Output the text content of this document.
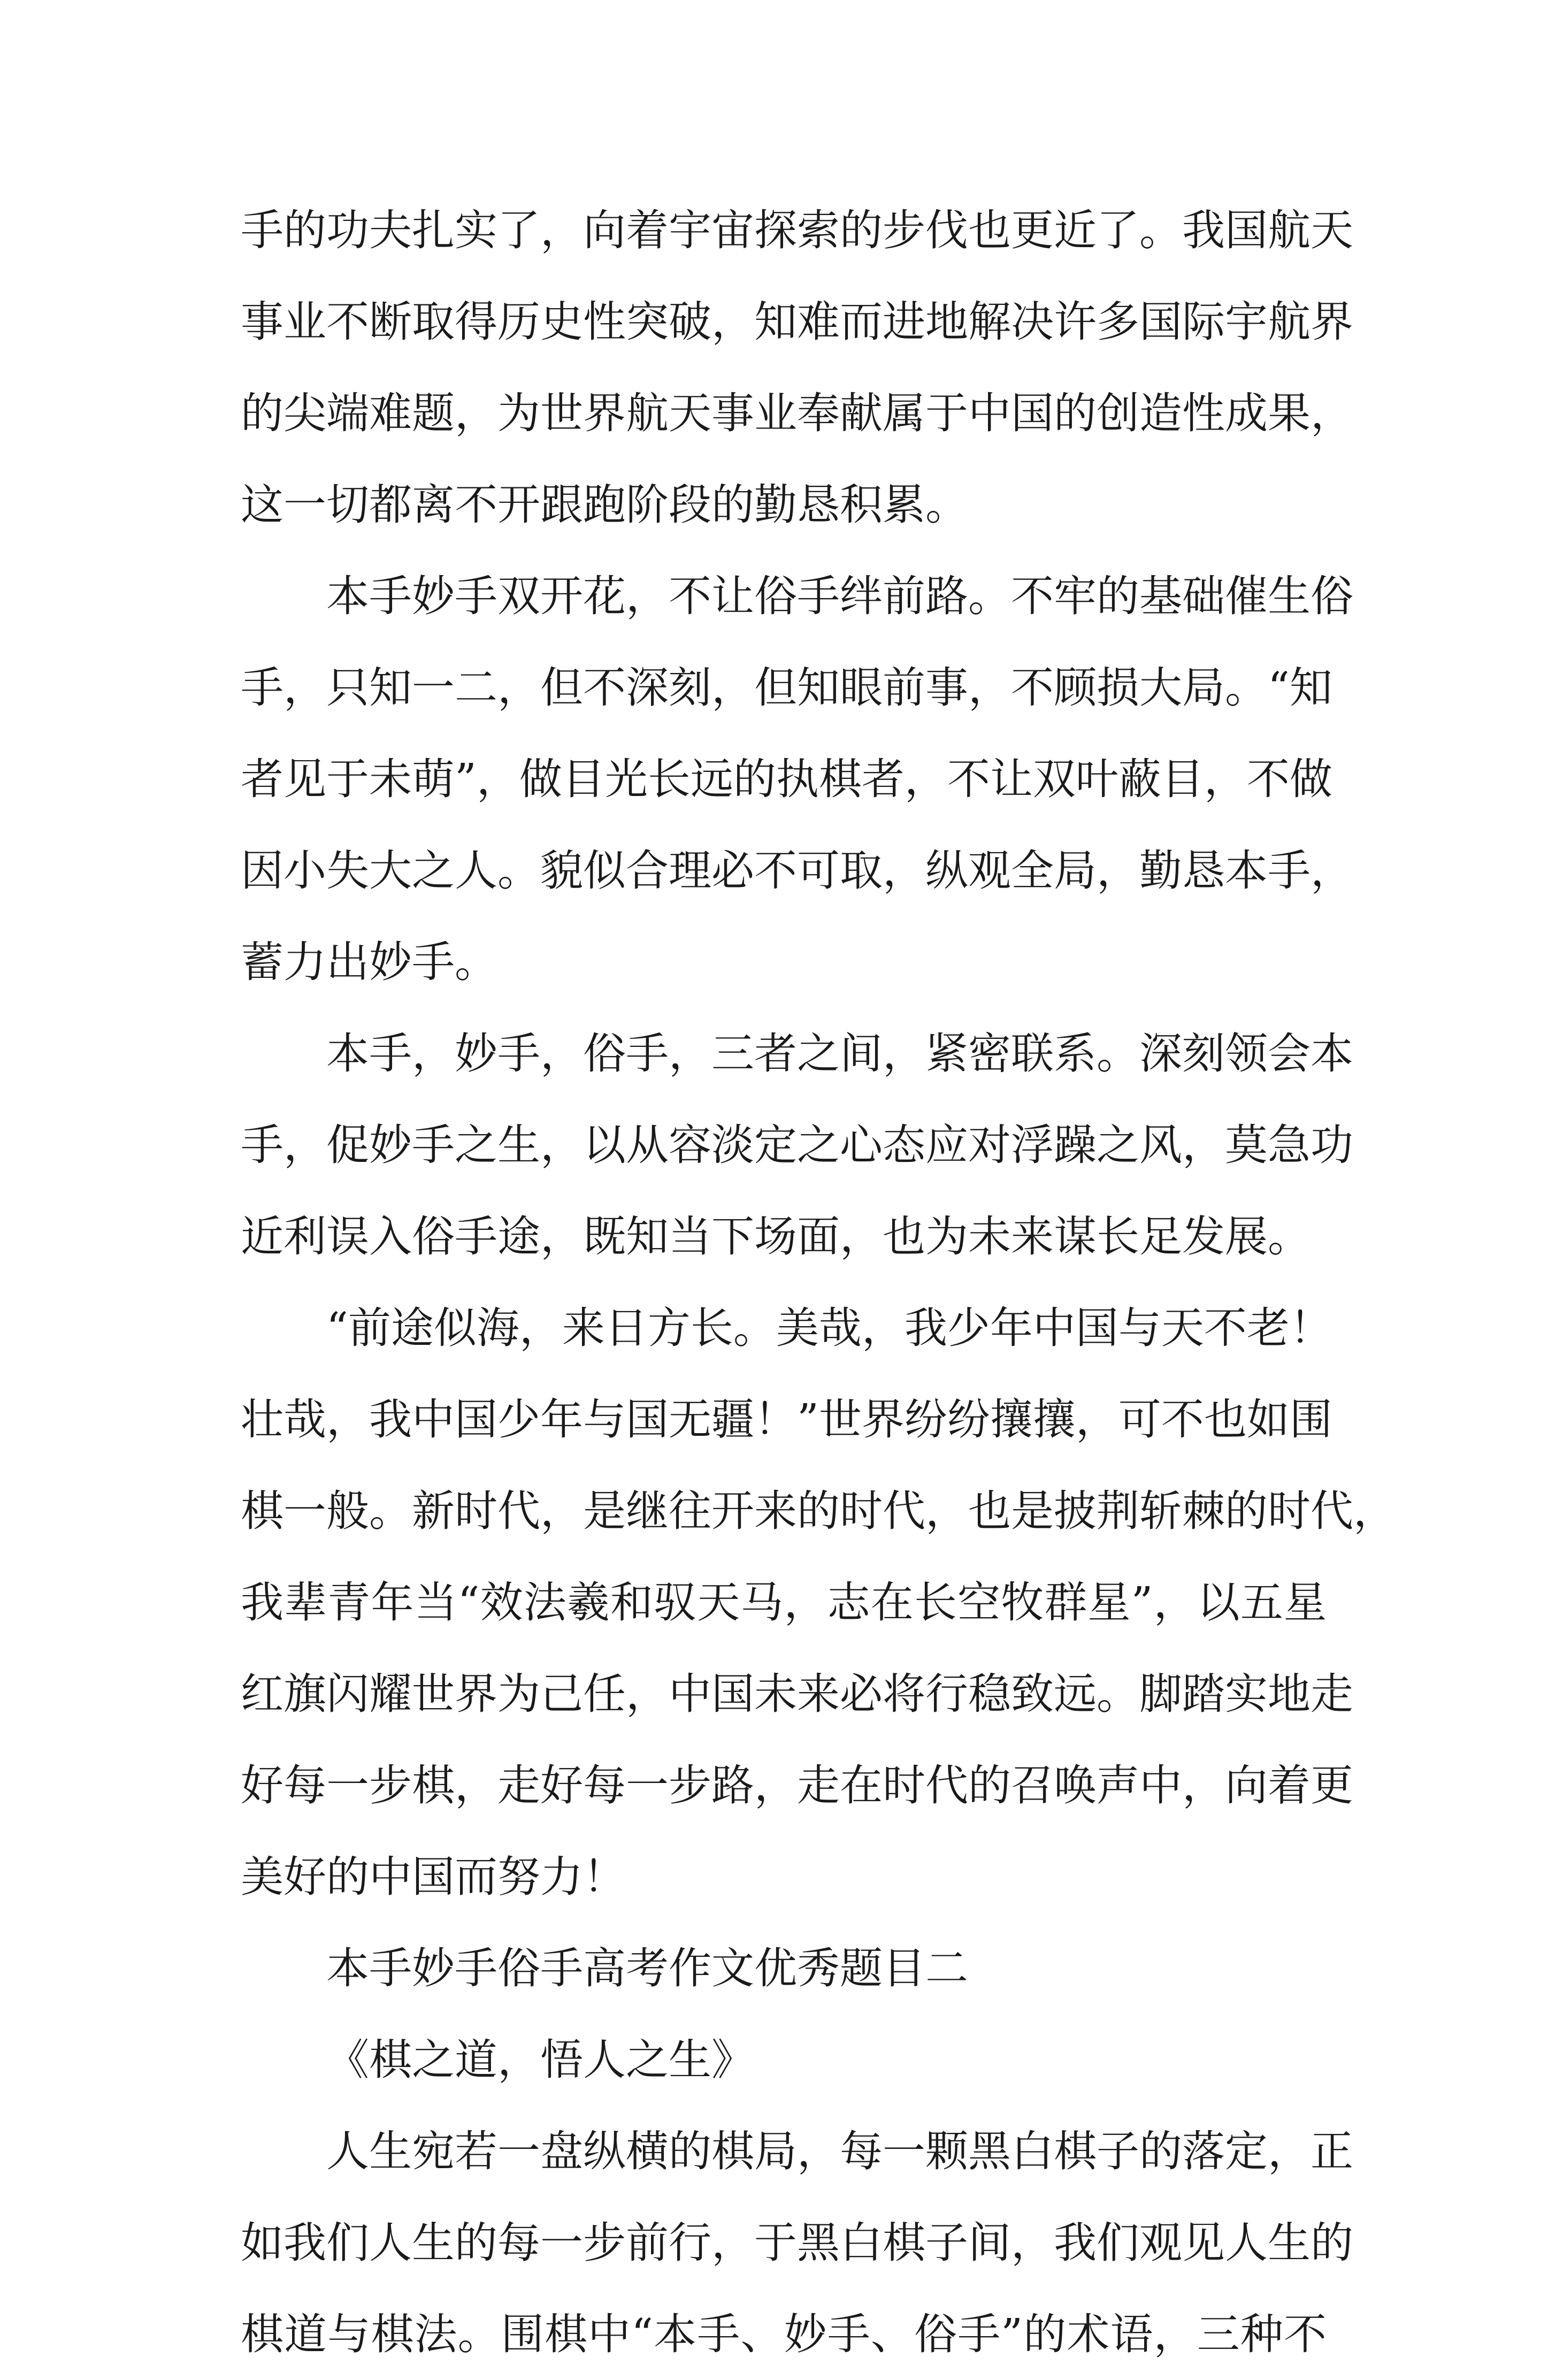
手的功夫扎实了，向着宇宙探索的步伐也更近了。我国航天
事业不断取得历史性突破，知难而进地解决许多国际宇航界
的尖端难题，为世界航天事业奉献属于中国的创造性成果，
这一切都离不开跟跑阶段的勤恳积累。
本手妙手双开花，不让俗手绊前路。不牢的基础催生俗
手，只知一二，但不深刻，但知眼前事，不顾损大局。“知
者见于未萌”，做目光长远的执棋者，不让双叶蔽目，不做
因小失大之人。貌似合理必不可取，纵观全局，勤恳本手，
蓄力出妙手。
本手，妙手，俗手，三者之间，紧密联系。深刻领会本
手，促妙手之生，以从容淡定之心态应对浮躁之风，莫急功
近利误入俗手途，既知当下场面，也为未来谋长足发展。
“前途似海，来日方长。美哉，我少年中国与天不老！
壮哉，我中国少年与国无疆！”世界纷纷攘攘，可不也如围
棋一般。新时代，是继往开来的时代，也是披荆斩棘的时代，
我辈青年当“效法羲和驭天马，志在长空牧群星”，以五星
红旗闪耀世界为己任，中国未来必将行稳致远。脚踏实地走
好每一步棋，走好每一步路，走在时代的召唤声中，向着更
美好的中国而努力！
本手妙手俗手高考作文优秀题目二
《棋之道，悟人之生》
人生宛若一盘纵横的棋局，每一颗黑白棋子的落定，正
如我们人生的每一步前行，于黑白棋子间，我们观见人生的
棋道与棋法。围棋中“本手、妙手、俗手”的术语，三种不
